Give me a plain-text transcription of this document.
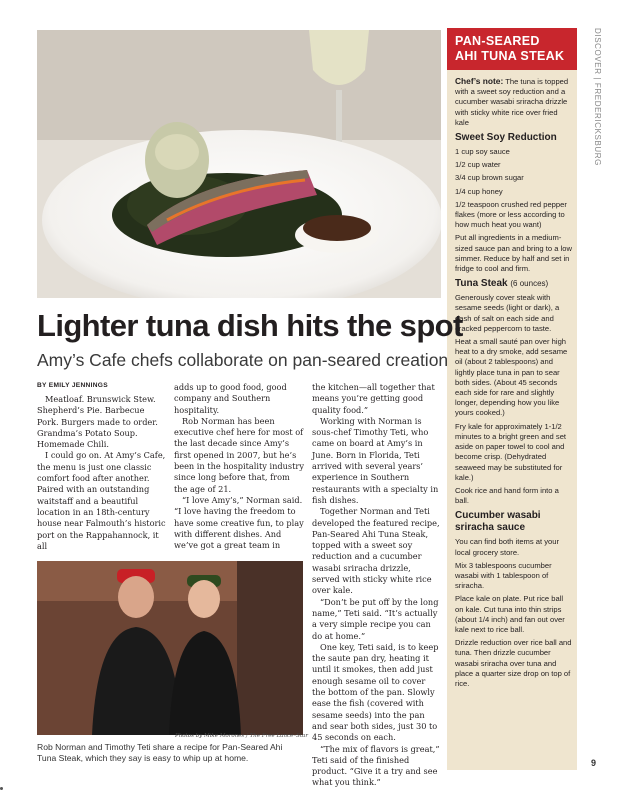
PAN-SEARED
AHI TUNA STEAK

Chef’s note: The tuna is topped with a sweet soy reduction and a cucumber wasabi sriracha drizzle with sticky white rice over fried kale

Sweet Soy Reduction

1 cup soy sauce

1/2 cup water

3/4 cup brown sugar

1/4 cup honey

1/2 teaspoon crushed red pepper flakes (more or less according to how much heat you want)

Put all ingredients in a medium-sized sauce pan and bring to a low simmer. Reduce by half and set in fridge to cool and firm.

Tuna Steak (6 ounces)

Generously cover steak with sesame seeds (light or dark), a dash of salt on each side and cracked peppercorn to taste.

Heat a small sauté pan over high heat to a dry smoke, add sesame oil (about 2 tablespoons) and lightly place tuna in pan to sear both sides. (About 45 seconds each side for rare and slightly longer, depending how you like yours cooked.)

Fry kale for approximately 1-1/2 minutes to a bright green and set aside on paper towel to cool and become crisp. (Dehydrated seaweed may be substituted for kale.)

Cook rice and hand form into a ball.

Cucumber wasabi sriracha sauce

You can find both items at your local grocery store.

Mix 3 tablespoons cucumber wasabi with 1 tablespoon of sriracha.

Place kale on plate. Put rice ball on kale. Cut tuna into thin strips (about 1/4 inch) and fan out over kale next to rice ball.

Drizzle reduction over rice ball and tuna. Then drizzle cucumber wasabi sriracha over tuna and place a quarter size drop on top of rice.

DISCOVER | FREDERICKSBURG
9
Lighter tuna dish hits the spot
Amy’s Cafe chefs collaborate on pan-seared creation
BY EMILY JENNINGS

Meatloaf. Brunswick Stew. Shepherd’s Pie. Barbecue Pork. Burgers made to order. Grandma’s Potato Soup. Homemade Chili.

I could go on. At Amy’s Cafe, the menu is just one classic comfort food after another. Paired with an outstanding waitstaff and a beautiful location in an 18th-century house near Falmouth’s historic port on the Rappahannock, it all

adds up to good food, good company and Southern hospitality.

Rob Norman has been executive chef here for most of the last decade since Amy’s first opened in 2007, but he’s been in the hospitality industry since long before that, from the age of 21.

“I love Amy’s,” Norman said. “I love having the freedom to have some creative fun, to play with different dishes. And we’ve got a great team in

the kitchen—all together that means you’re getting good quality food.”

Working with Norman is sous-chef Timothy Teti, who came on board at Amy’s in June. Born in Florida, Teti arrived with several years’ experience in Southern restaurants with a specialty in fish dishes.

Together Norman and Teti developed the featured recipe, Pan-Seared Ahi Tuna Steak, topped with a sweet soy reduction and a cucumber wasabi sriracha drizzle, served with sticky white rice over kale.

“Don’t be put off by the long name,” Teti said. “It’s actually a very simple recipe you can do at home.”

One key, Teti said, is to keep the saute pan dry, heating it until it smokes, then add just enough sesame oil to cover the bottom of the pan. Slowly ease the fish (covered with sesame seeds) into the pan and sear both sides, just 30 to 45 seconds on each.

“The mix of flavors is great,” Teti said of the finished product. “Give it a try and see what you think.”

Photos by Mike Morones / The Free Lance–Star
Rob Norman and Timothy Teti share a recipe for Pan-Seared Ahi Tuna Steak, which they say is easy to whip up at home.
